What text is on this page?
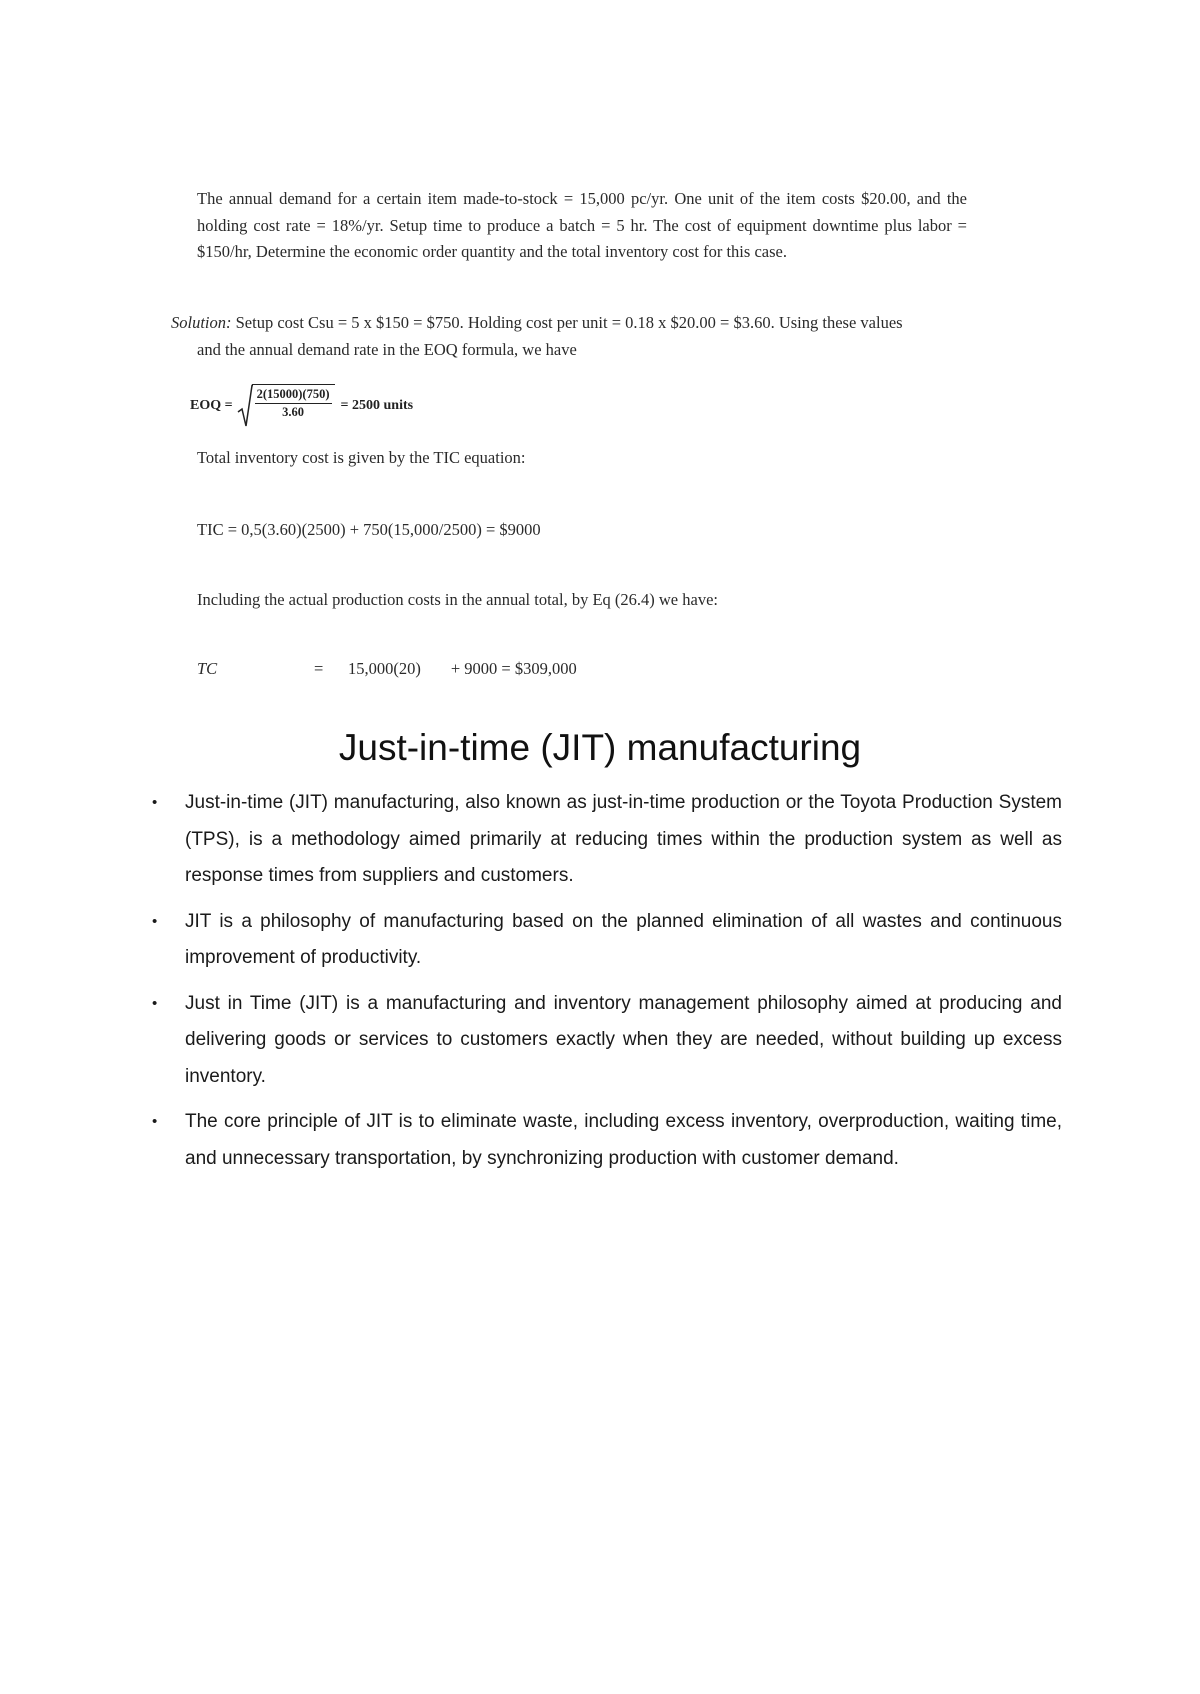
The annual demand for a certain item made-to-stock = 15,000 pc/yr. One unit of the item costs $20.00, and the holding cost rate = 18%/yr. Setup time to produce a batch = 5 hr. The cost of equipment downtime plus labor = $150/hr, Determine the economic order quantity and the total inventory cost for this case.

Solution: Setup cost Csu = 5 x $150 = $750. Holding cost per unit = 0.18 x $20.00 = $3.60. Using these values
and the annual demand rate in the EOQ formula, we have
EOQ = $\frac{2(15000)(750)}{3.60} = 2500$ units
Total inventory cost is given by the TIC equation:
TIC = 0,5(3.60)(2500) + 750(15,000/2500) = $9000
Including the actual production costs in the annual total, by Eq (26.4) we have:
TC	= 15,000(20) + 9000 = $309,000
Just-in-time (JIT) manufacturing
•	Just-in-time (JIT) manufacturing, also known as just-in-time production or the Toyota Production System (TPS), is a methodology aimed primarily at reducing times within the production system as well as response times from suppliers and customers.
•	JIT is a philosophy of manufacturing based on the planned elimination of all wastes and continuous improvement of productivity.
•	Just in Time (JIT) is a manufacturing and inventory management philosophy aimed at producing and delivering goods or services to customers exactly when they are needed, without building up excess inventory.
•	The core principle of JIT is to eliminate waste, including excess inventory, overproduction, waiting time, and unnecessary transportation, by synchronizing production with customer demand.
